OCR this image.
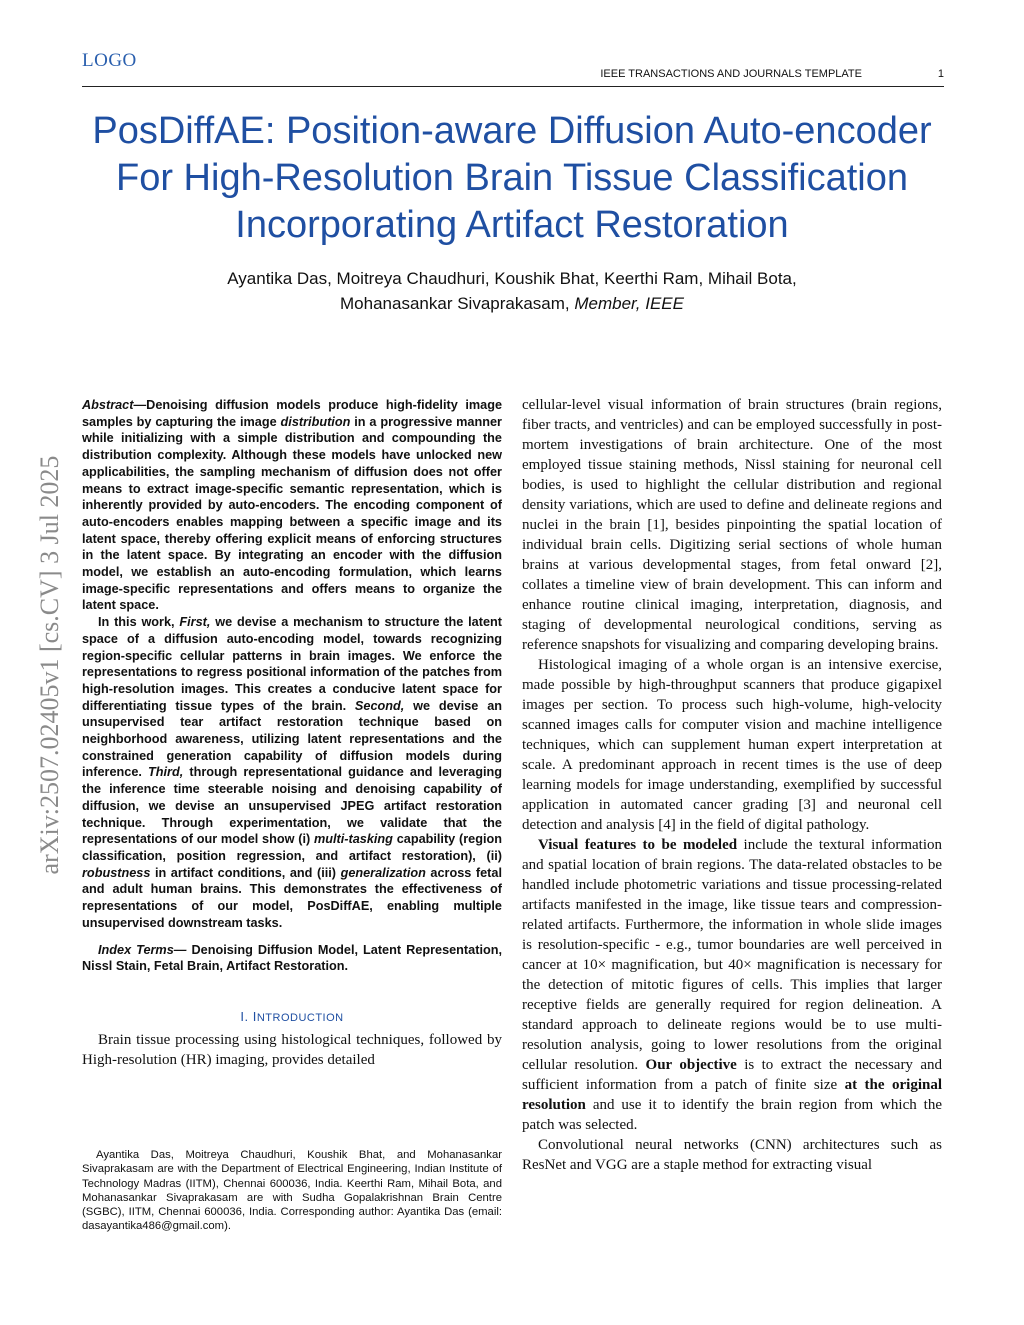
LOGO
IEEE TRANSACTIONS AND JOURNALS TEMPLATE	1
PosDiffAE: Position-aware Diffusion Auto-encoder For High-Resolution Brain Tissue Classification Incorporating Artifact Restoration
Ayantika Das, Moitreya Chaudhuri, Koushik Bhat, Keerthi Ram, Mihail Bota,
Mohanasankar Sivaprakasam, Member, IEEE
arXiv:2507.02405v1 [cs.CV] 3 Jul 2025

Abstract—Denoising diffusion models produce high-fidelity image samples by capturing the image distribution in a progressive manner while initializing with a simple distribution and compounding the distribution complexity. Although these models have unlocked new applicabilities, the sampling mechanism of diffusion does not offer means to extract image-specific semantic representation, which is inherently provided by auto-encoders. The encoding component of auto-encoders enables mapping between a specific image and its latent space, thereby offering explicit means of enforcing structures in the latent space. By integrating an encoder with the diffusion model, we establish an auto-encoding formulation, which learns image-specific representations and offers means to organize the latent space.

In this work, First, we devise a mechanism to structure the latent space of a diffusion auto-encoding model, towards recognizing region-specific cellular patterns in brain images. We enforce the representations to regress positional information of the patches from high-resolution images. This creates a conducive latent space for differentiating tissue types of the brain. Second, we devise an unsupervised tear artifact restoration technique based on neighborhood awareness, utilizing latent representations and the constrained generation capability of diffusion models during inference. Third, through representational guidance and leveraging the inference time steerable noising and denoising capability of diffusion, we devise an unsupervised JPEG artifact restoration technique. Through experimentation, we validate that the representations of our model show (i) multi-tasking capability (region classification, position regression, and artifact restoration), (ii) robustness in artifact conditions, and (iii) generalization across fetal and adult human brains. This demonstrates the effectiveness of representations of our model, PosDiffAE, enabling multiple unsupervised downstream tasks.

Index Terms— Denoising Diffusion Model, Latent Representation, Nissl Stain, Fetal Brain, Artifact Restoration.

I. INTRODUCTION

Brain tissue processing using histological techniques, followed by High-resolution (HR) imaging, provides detailed

Ayantika Das, Moitreya Chaudhuri, Koushik Bhat, and Mohanasankar Sivaprakasam are with the Department of Electrical Engineering, Indian Institute of Technology Madras (IITM), Chennai 600036, India. Keerthi Ram, Mihail Bota, and Mohanasankar Sivaprakasam are with Sudha Gopalakrishnan Brain Centre (SGBC), IITM, Chennai 600036, India. Corresponding author: Ayantika Das (email: dasayantika486@gmail.com).

cellular-level visual information of brain structures (brain regions, fiber tracts, and ventricles) and can be employed successfully in post-mortem investigations of brain architecture. One of the most employed tissue staining methods, Nissl staining for neuronal cell bodies, is used to highlight the cellular distribution and regional density variations, which are used to define and delineate regions and nuclei in the brain [1], besides pinpointing the spatial location of individual brain cells. Digitizing serial sections of whole human brains at various developmental stages, from fetal onward [2], collates a timeline view of brain development. This can inform and enhance routine clinical imaging, interpretation, diagnosis, and staging of developmental neurological conditions, serving as reference snapshots for visualizing and comparing developing brains.

Histological imaging of a whole organ is an intensive exercise, made possible by high-throughput scanners that produce gigapixel images per section. To process such high-volume, high-velocity scanned images calls for computer vision and machine intelligence techniques, which can supplement human expert interpretation at scale. A predominant approach in recent times is the use of deep learning models for image understanding, exemplified by successful application in automated cancer grading [3] and neuronal cell detection and analysis [4] in the field of digital pathology.

Visual features to be modeled include the textural information and spatial location of brain regions. The data-related obstacles to be handled include photometric variations and tissue processing-related artifacts manifested in the image, like tissue tears and compression-related artifacts. Furthermore, the information in whole slide images is resolution-specific - e.g., tumor boundaries are well perceived in cancer at 10× magnification, but 40× magnification is necessary for the detection of mitotic figures of cells. This implies that larger receptive fields are generally required for region delineation. A standard approach to delineate regions would be to use multi-resolution analysis, going to lower resolutions from the original cellular resolution. Our objective is to extract the necessary and sufficient information from a patch of finite size at the original resolution and use it to identify the brain region from which the patch was selected.

Convolutional neural networks (CNN) architectures such as ResNet and VGG are a staple method for extracting visual
